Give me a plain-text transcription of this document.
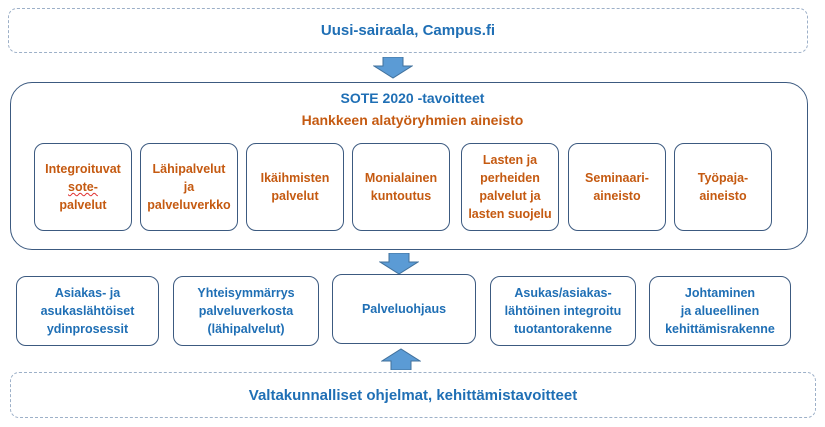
Uusi-sairaala, Campus.fi
SOTE 2020 -tavoitteet
Hankkeen alatyöryhmien aineisto
Integroituvat
sote-
palvelut
Lähipalvelut
ja
palveluverkko
Ikäihmisten
palvelut
Monialainen
kuntoutus
Lasten ja
perheiden
palvelut ja
lasten suojelu
Seminaari-
aineisto
Työpaja-
aineisto
Asiakas- ja
asukaslähtöiset
ydinprosessit
Yhteisymmärrys
palveluverkosta
(lähipalvelut)
Palveluohjaus
Asukas/asiakas-
lähtöinen integroitu
tuotantorakenne
Johtaminen
ja alueellinen
kehittämisrakenne
Valtakunnalliset ohjelmat, kehittämistavoitteet
